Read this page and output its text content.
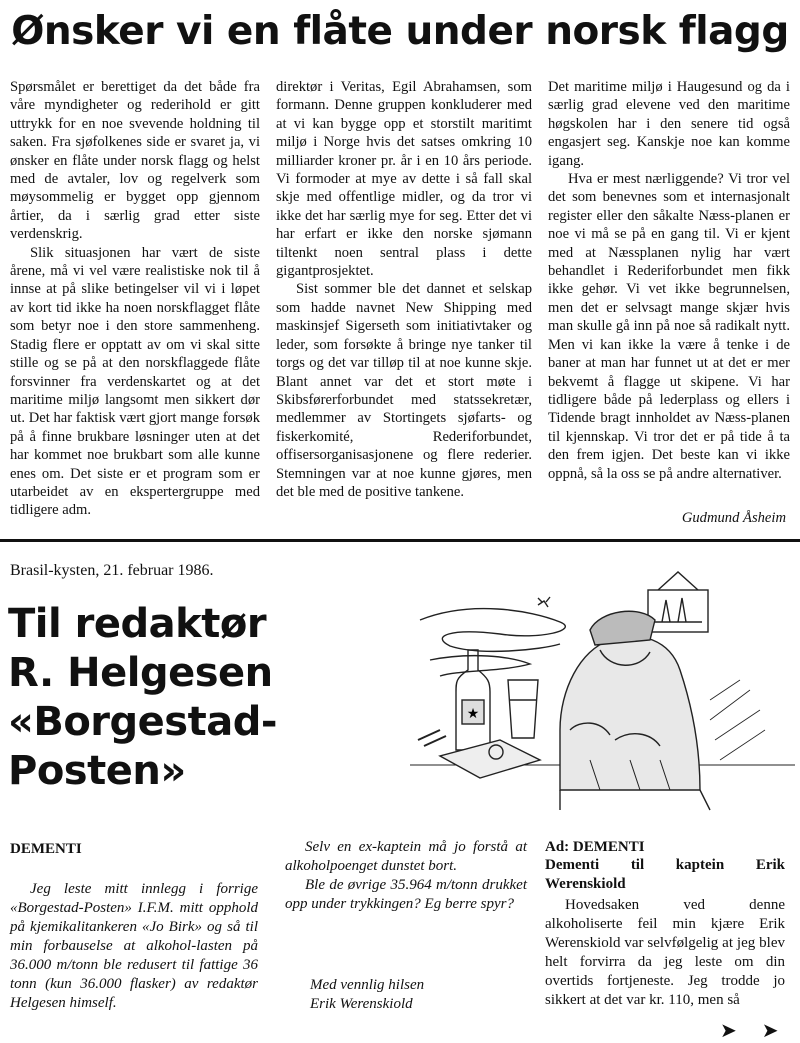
Ønsker vi en flåte under norsk flagg

Spørsmålet er berettiget da det både fra våre myndigheter og rederihold er gitt uttrykk for en noe svevende holdning til saken. Fra sjøfolkenes side er svaret ja, vi ønsker en flåte under norsk flagg og helst med de avtaler, lov og regelverk som møysommelig er bygget opp gjennom årtier, da i særlig grad etter siste verdenskrig.

Slik situasjonen har vært de siste årene, må vi vel være realistiske nok til å innse at på slike betingelser vil vi i løpet av kort tid ikke ha noen norskflagget flåte som betyr noe i den store sammenheng. Stadig flere er opptatt av om vi skal sitte stille og se på at den norskflaggede flåte forsvinner fra verdenskartet og at det maritime miljø langsomt men sikkert dør ut. Det har faktisk vært gjort mange forsøk på å finne brukbare løsninger uten at det har kommet noe brukbart som alle kunne enes om. Det siste er et program som er utarbeidet av en ekspertergruppe med tidligere adm.

direktør i Veritas, Egil Abrahamsen, som formann. Denne gruppen konkluderer med at vi kan bygge opp et storstilt maritimt miljø i Norge hvis det satses omkring 10 milliarder kroner pr. år i en 10 års periode. Vi formoder at mye av dette i så fall skal skje med offentlige midler, og da tror vi ikke det har særlig mye for seg. Etter det vi har erfart er ikke den norske sjømann tiltenkt noen sentral plass i dette gigantprosjektet.

Sist sommer ble det dannet et selskap som hadde navnet New Shipping med maskinsjef Sigerseth som initiativtaker og leder, som forsøkte å bringe nye tanker til torgs og det var tilløp til at noe kunne skje. Blant annet var det et stort møte i Skibsførerforbundet med statssekretær, medlemmer av Stortingets sjøfarts- og fiskerkomité, Rederiforbundet, offisersorganisasjonene og flere rederier. Stemningen var at noe kunne gjøres, men det ble med de positive tankene.

Det maritime miljø i Haugesund og da i særlig grad elevene ved den maritime høgskolen har i den senere tid også engasjert seg. Kanskje noe kan komme igang.

Hva er mest nærliggende? Vi tror vel det som benevnes som et internasjonalt register eller den såkalte Næss-planen er noe vi må se på en gang til. Vi er kjent med at Næssplanen nylig har vært behandlet i Rederiforbundet men fikk ikke gehør. Vi vet ikke begrunnelsen, men det er selvsagt mange skjær hvis man skulle gå inn på noe så radikalt nytt. Men vi kan ikke la være å tenke i de baner at man har funnet ut at det er mer bekvemt å flagge ut skipene. Vi har tidligere både på lederplass og ellers i Tidende bragt innholdet av Næss-planen til kjennskap. Vi tror det er på tide å ta den frem igjen. Det beste kan vi ikke oppnå, så la oss se på andre alternativer.

Gudmund Åsheim
Brasil-kysten, 21. februar 1986.
Til redaktør
R. Helgesen
«Borgestad-
Posten»
★
DEMENTI
Jeg leste mitt innlegg i forrige «Borgestad-Posten» I.F.M. mitt opphold på kjemikalitankeren «Jo Birk» og så til min forbauselse at alkohol-lasten på 36.000 m/tonn ble redusert til fattige 36 tonn (kun 36.000 flasker) av redaktør Helgesen himself.

Selv en ex-kaptein må jo forstå at alkoholpoenget dunstet bort.

Ble de øvrige 35.964 m/tonn drukket opp under trykkingen? Eg berre spyr?

Med vennlig hilsen
Erik Werenskiold
Ad: DEMENTI
Dementi til kaptein Erik Werenskiold
Hovedsaken ved denne alkoholiserte feil min kjære Erik Werenskiold var selvfølgelig at jeg blev helt forvirra da jeg leste om din overtids fortjeneste. Jeg trodde jo sikkert at det var kr. 110, men så
➤ ➤
